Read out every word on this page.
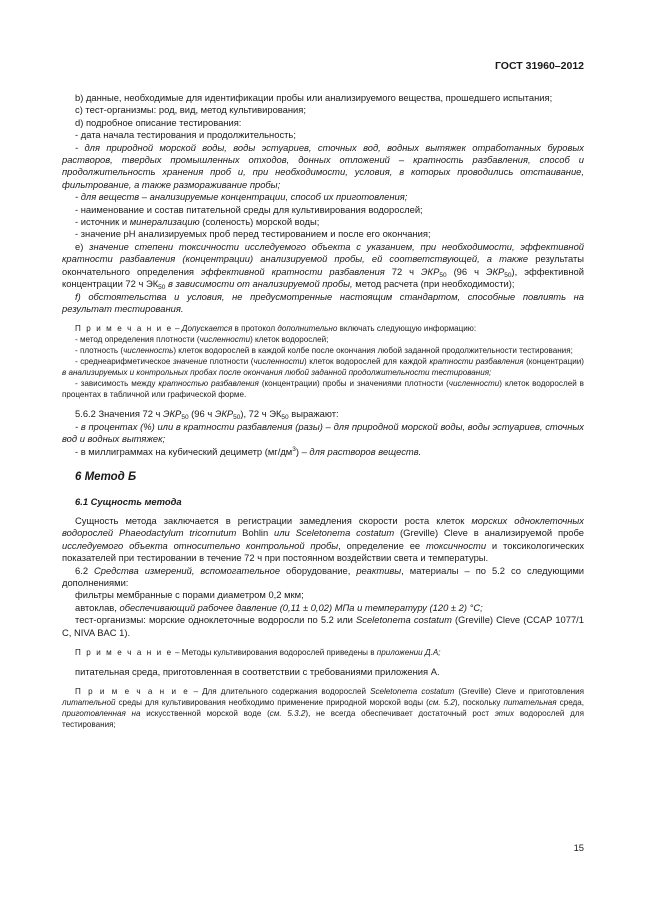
ГОСТ 31960–2012

b) данные, необходимые для идентификации пробы или анализируемого вещества, прошедшего испытания;

c) тест-организмы: род, вид, метод культивирования;

d) подробное описание тестирования:

- дата начала тестирования и продолжительность;

- для природной морской воды, воды эстуариев, сточных вод, водных вытяжек отработанных буровых растворов, твердых промышленных отходов, донных отложений – кратность разбавления, способ и продолжительность хранения проб и, при необходимости, условия, в которых проводились отстаивание, фильтрование, а также размораживание пробы;

- для веществ – анализируемые концентрации, способ их приготовления;

- наименование и состав питательной среды для культивирования водорослей;

- источник и минерализацию (соленость) морской воды;

- значение рН анализируемых проб перед тестированием и после его окончания;

e) значение степени токсичности исследуемого объекта с указанием, при необходимости, эффективной кратности разбавления (концентрации) анализируемой пробы, ей соответствующей, а также результаты окончательного определения эффективной кратности разбавления 72 ч $ЭКР_{50}$ (96 ч $ЭКР_{50}$), эффективной концентрации 72 ч $ЭК_{50}$ в зависимости от анализируемой пробы, метод расчета (при необходимости);

f) обстоятельства и условия, не предусмотренные настоящим стандартом, способные повлиять на результат тестирования.

П р и м е ч а н и е – Допускается в протокол дополнительно включать следующую информацию:

- метод определения плотности (численности) клеток водорослей;

- плотность (численность) клеток водорослей в каждой колбе после окончания любой заданной продолжительности тестирования;

- среднеарифметическое значение плотности (численности) клеток водорослей для каждой кратности разбавления (концентрации) в анализируемых и контрольных пробах после окончания любой заданной продолжительности тестирования;

- зависимость между кратностью разбавления (концентрации) пробы и значениями плотности (численности) клеток водорослей в процентах в табличной или графической форме.

5.6.2 Значения 72 ч $ЭКР_{50}$ (96 ч $ЭКР_{50}$), 72 ч $ЭК_{50}$ выражают:

- в процентах (%) или в кратности разбавления (разы) – для природной морской воды, воды эстуариев, сточных вод и водных вытяжек;

- в миллиграммах на кубический дециметр $(мг/дм^3)$ – для растворов веществ.

6 Метод Б
6.1 Сущность метода

Сущность метода заключается в регистрации замедления скорости роста клеток морских одноклеточных водорослей Phaeodactylum tricornutum Bohlin или Sceletonema costatum (Greville) Cleve в анализируемой пробе исследуемого объекта относительно контрольной пробы, определение ее токсичности и токсикологических показателей при тестировании в течение 72 ч при постоянном воздействии света и температуры.

6.2 Средства измерений, вспомогательное оборудование, реактивы, материалы – по 5.2 со следующими дополнениями:

фильтры мембранные с порами диаметром 0,2 мкм;

автоклав, обеспечивающий рабочее давление (0,11 ± 0,02) МПа и температуру (120 ± 2) °С;

тест-организмы: морские одноклеточные водоросли по 5.2 или Sceletonema costatum (Greville) Cleve (CCAP 1077/1 C, NIVA BAC 1).

П р и м е ч а н и е – Методы культивирования водорослей приведены в приложении Д.А;

питательная среда, приготовленная в соответствии с требованиями приложения А.

П р и м е ч а н и е – Для длительного содержания водорослей Sceletonema costatum (Greville) Cleve и приготовления литательной среды для культивирования необходимо применение природной морской воды (см. 5.2), поскольку питательная среда, приготовленная на искусственной морской воде (см. 5.3.2), не всегда обеспечивает достаточный рост этих водорослей для тестирования;

15
